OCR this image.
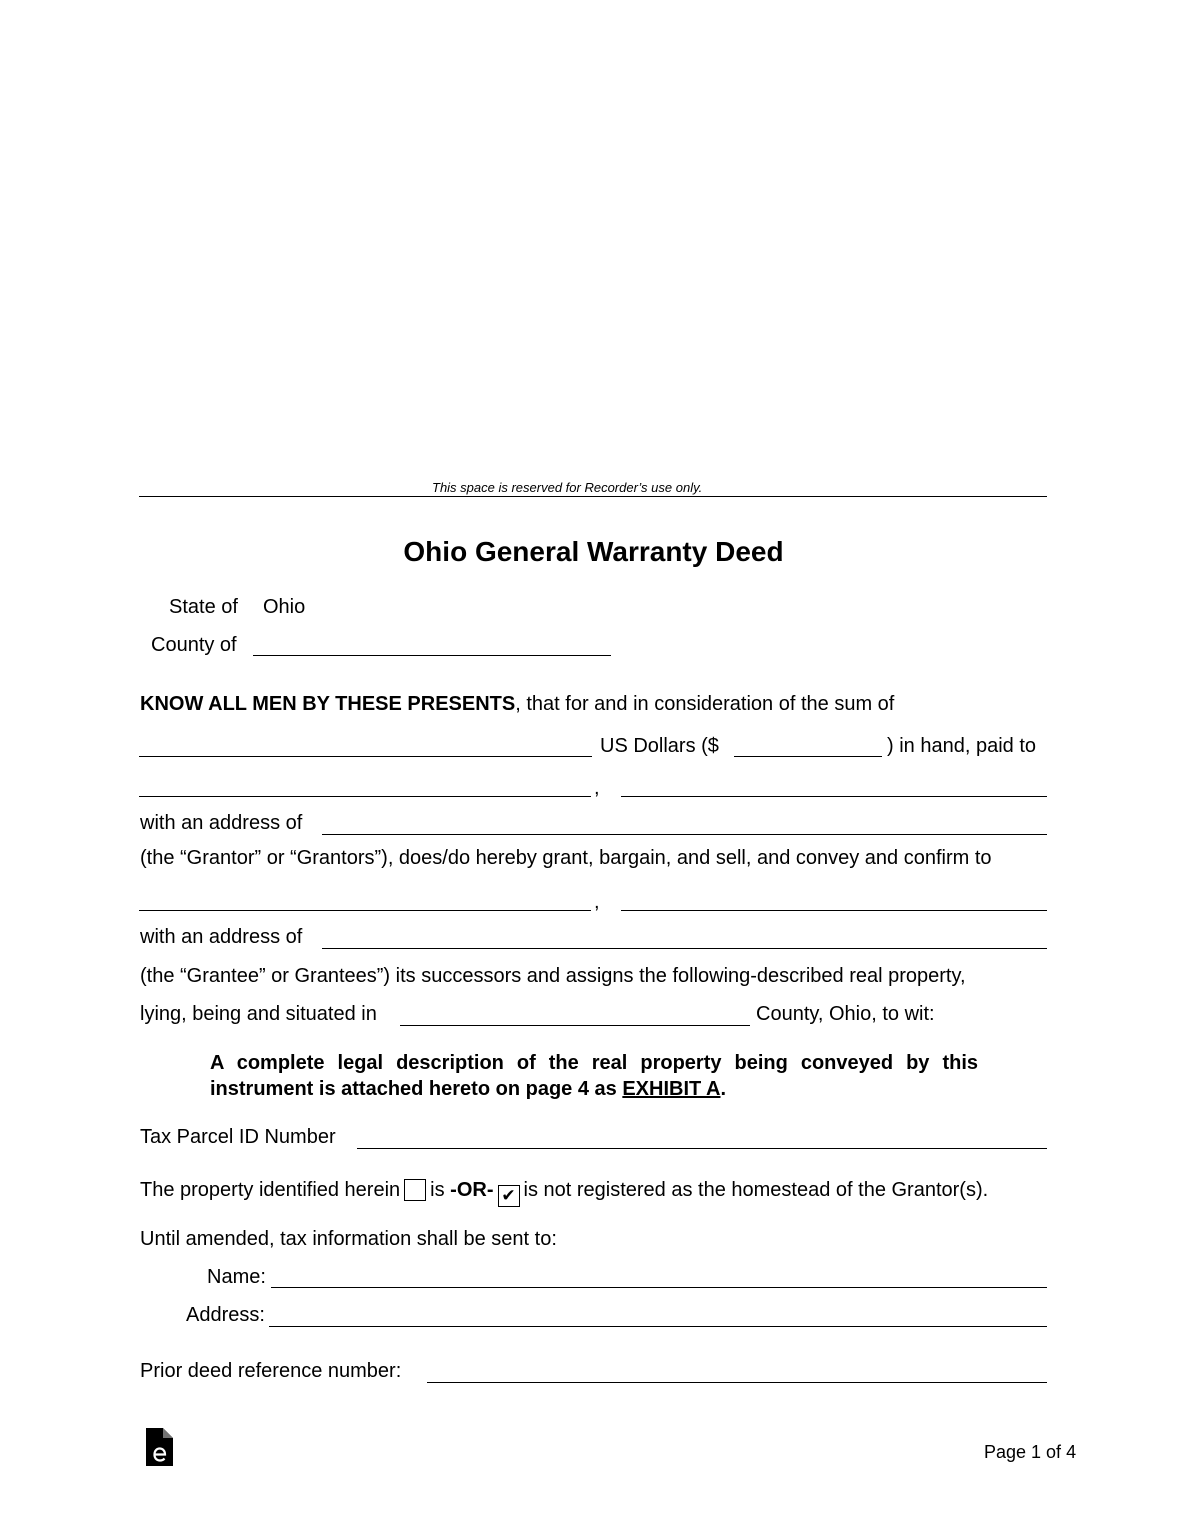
This space is reserved for Recorder’s use only.
Ohio General Warranty Deed
State of Ohio
County of
KNOW ALL MEN BY THESE PRESENTS, that for and in consideration of the sum of
US Dollars ($	) in hand, paid to
,
with an address of
(the “Grantor” or “Grantors”), does/do hereby grant, bargain, and sell, and convey and confirm to
,
with an address of
(the “Grantee” or Grantees”) its successors and assigns the following-described real property,
lying, being and situated in	County, Ohio, to wit:
A complete legal description of the real property being conveyed by this instrument is attached hereto on page 4 as EXHIBIT A.
Tax Parcel ID Number
The property identified herein is -OR- ✔ is not registered as the homestead of the Grantor(s).
Until amended, tax information shall be sent to:
Name:
Address:
Prior deed reference number:
Page 1 of 4
